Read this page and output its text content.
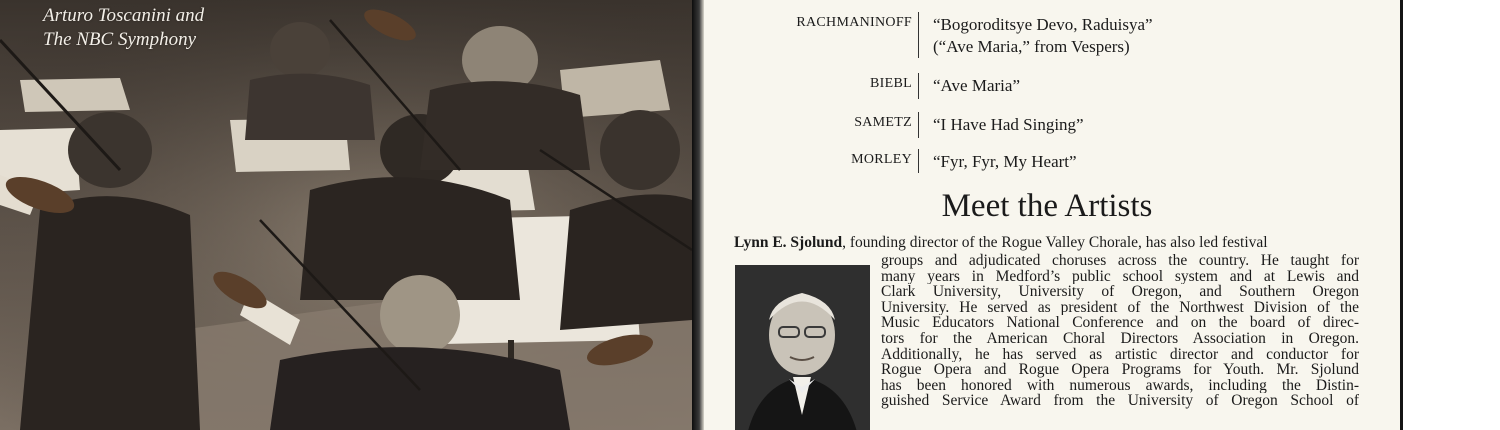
Arturo Toscanini and
The NBC Symphony
RACHMANINOFF “Bogoroditsye Devo, Raduisya”
(“Ave Maria,” from Vespers)
BIEBL “Ave Maria”
SAMETZ “I Have Had Singing”
MORLEY “Fyr, Fyr, My Heart”
Meet the Artists
Lynn E. Sjolund, founding director of the Rogue Valley Chorale, has also led festival
groups and adjudicated choruses across the country. He taught for
many years in Medford’s public school system and at Lewis and
Clark University, University of Oregon, and Southern Oregon
University. He served as president of the Northwest Division of the
Music Educators National Conference and on the board of direc-
tors for the American Choral Directors Association in Oregon.
Additionally, he has served as artistic director and conductor for
Rogue Opera and Rogue Opera Programs for Youth. Mr. Sjolund
has been honored with numerous awards, including the Distin-
guished Service Award from the University of Oregon School of
